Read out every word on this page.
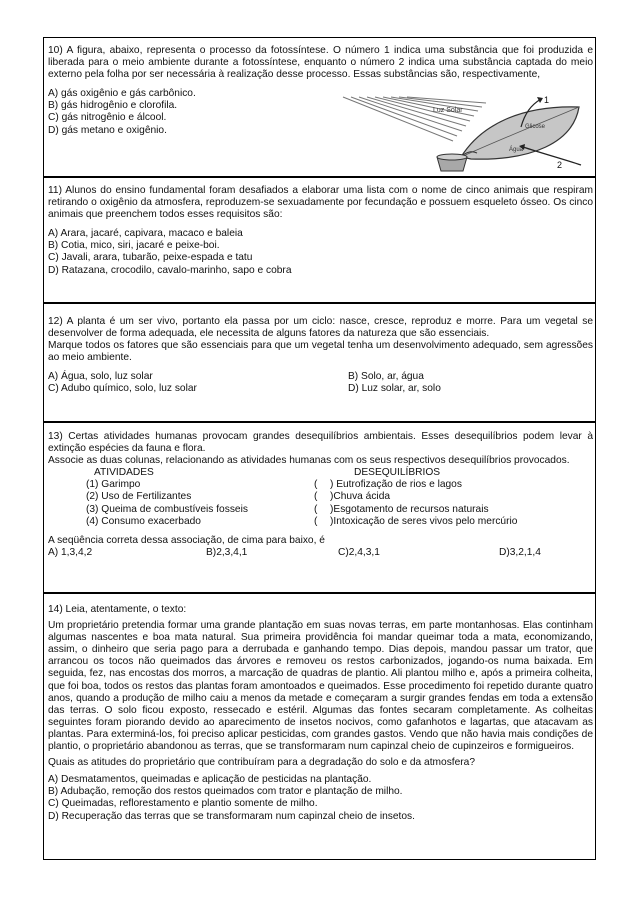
10) A figura, abaixo, representa o processo da fotossíntese. O número 1 indica uma substância que foi produzida e liberada para o meio ambiente durante a fotossíntese, enquanto o número 2 indica uma substância captada do meio externo pela folha por ser necessária à realização desse processo. Essas substâncias são, respectivamente,

A) gás oxigênio e gás carbônico.

B) gás hidrogênio e clorofila.

C) gás nitrogênio e álcool.

D) gás metano e oxigênio.

Luz Solar
1
2
Glicose
Água

11) Alunos do ensino fundamental foram desafiados a elaborar uma lista com o nome de cinco animais que respiram retirando o oxigênio da atmosfera, reproduzem-se sexuadamente por fecundação e possuem esqueleto ósseo. Os cinco animais que preenchem todos esses requisitos são:

A) Arara, jacaré, capivara, macaco e baleia

B) Cotia, mico, siri, jacaré e peixe-boi.

C) Javali, arara, tubarão, peixe-espada e tatu

D) Ratazana, crocodilo, cavalo-marinho, sapo e cobra

12) A planta é um ser vivo, portanto ela passa por um ciclo: nasce, cresce, reproduz e morre. Para um vegetal se desenvolver de forma adequada, ele necessita de alguns fatores da natureza que são essenciais.

Marque todos os fatores que são essenciais para que um vegetal tenha um desenvolvimento adequado, sem agressões ao meio ambiente.

A) Água, solo, luz solar	B) Solo, ar, água
C) Adubo químico, solo, luz solar	D) Luz solar, ar, solo

13) Certas atividades humanas provocam grandes desequilíbrios ambientais. Esses desequilíbrios podem levar à extinção espécies da fauna e flora.

Associe as duas colunas, relacionando as atividades humanas com os seus respectivos desequilíbrios provocados.

ATIVIDADES	DESEQUILÍBRIOS
(1) Garimpo	( ) Eutrofização de rios e lagos
(2) Uso de Fertilizantes	( )Chuva ácida
(3) Queima de combustíveis fosseis	( )Esgotamento de recursos naturais
(4) Consumo exacerbado	( )Intoxicação de seres vivos pelo mercúrio

A seqüência correta dessa associação, de cima para baixo, é

A) 1,3,4,2	B)2,3,4,1	C)2,4,3,1	D)3,2,1,4

14) Leia, atentamente, o texto:

Um proprietário pretendia formar uma grande plantação em suas novas terras, em parte montanhosas. Elas continham algumas nascentes e boa mata natural. Sua primeira providência foi mandar queimar toda a mata, economizando, assim, o dinheiro que seria pago para a derrubada e ganhando tempo. Dias depois, mandou passar um trator, que arrancou os tocos não queimados das árvores e removeu os restos carbonizados, jogando-os numa baixada. Em seguida, fez, nas encostas dos morros, a marcação de quadras de plantio. Ali plantou milho e, após a primeira colheita, que foi boa, todos os restos das plantas foram amontoados e queimados. Esse procedimento foi repetido durante quatro anos, quando a produção de milho caiu a menos da metade e começaram a surgir grandes fendas em toda a extensão das terras. O solo ficou exposto, ressecado e estéril. Algumas das fontes secaram completamente. As colheitas seguintes foram piorando devido ao aparecimento de insetos nocivos, como gafanhotos e lagartas, que atacavam as plantas. Para exterminá-los, foi preciso aplicar pesticidas, com grandes gastos. Vendo que não havia mais condições de plantio, o proprietário abandonou as terras, que se transformaram num capinzal cheio de cupinzeiros e formigueiros.

Quais as atitudes do proprietário que contribuíram para a degradação do solo e da atmosfera?

A) Desmatamentos, queimadas e aplicação de pesticidas na plantação.

B) Adubação, remoção dos restos queimados com trator e plantação de milho.

C) Queimadas, reflorestamento e plantio somente de milho.

D) Recuperação das terras que se transformaram num capinzal cheio de insetos.
